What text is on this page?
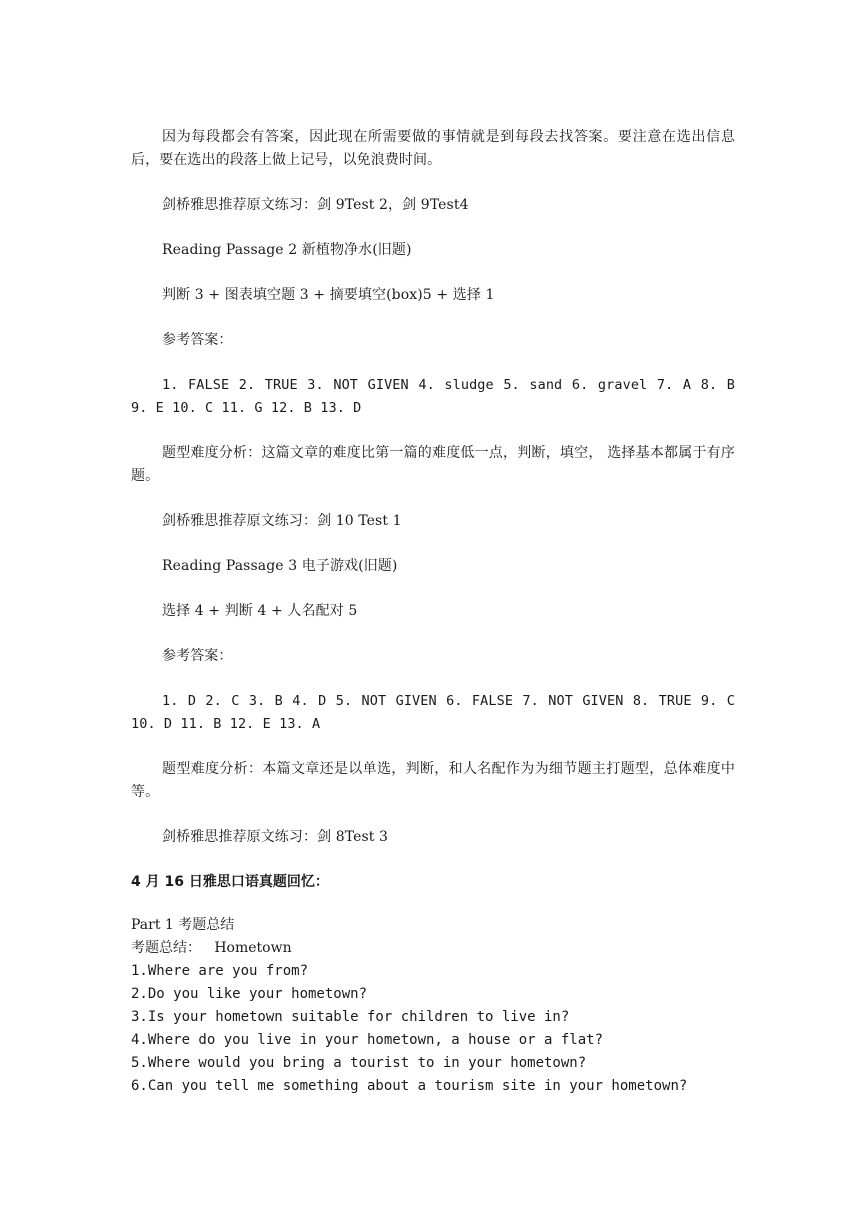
因为每段都会有答案，因此现在所需要做的事情就是到每段去找答案。要注意在选出信息后，要在选出的段落上做上记号，以免浪费时间。

剑桥雅思推荐原文练习：剑 9Test 2，剑 9Test4

Reading Passage 2 新植物净水(旧题)

判断 3 + 图表填空题 3 + 摘要填空(box)5 + 选择 1

参考答案：

1. FALSE 2. TRUE 3. NOT GIVEN 4. sludge 5. sand 6. gravel 7. A 8. B 9. E 10. C 11. G 12. B 13. D

题型难度分析：这篇文章的难度比第一篇的难度低一点，判断，填空， 选择基本都属于有序题。

剑桥雅思推荐原文练习：剑 10 Test 1

Reading Passage 3 电子游戏(旧题)

选择 4 + 判断 4 + 人名配对 5

参考答案：

1. D 2. C 3. B 4. D 5. NOT GIVEN 6. FALSE 7. NOT GIVEN 8. TRUE 9. C 10. D 11. B 12. E 13. A

题型难度分析：本篇文章还是以单选，判断，和人名配作为为细节题主打题型，总体难度中等。

剑桥雅思推荐原文练习：剑 8Test 3

4 月 16 日雅思口语真题回忆：

Part 1 考题总结

考题总结：   Hometown

1.Where are you from?

2.Do you like your hometown?

3.Is your hometown suitable for children to live in?

4.Where do you live in your hometown, a house or a flat?

5.Where would you bring a tourist to in your hometown?

6.Can you tell me something about a tourism site in your hometown?
